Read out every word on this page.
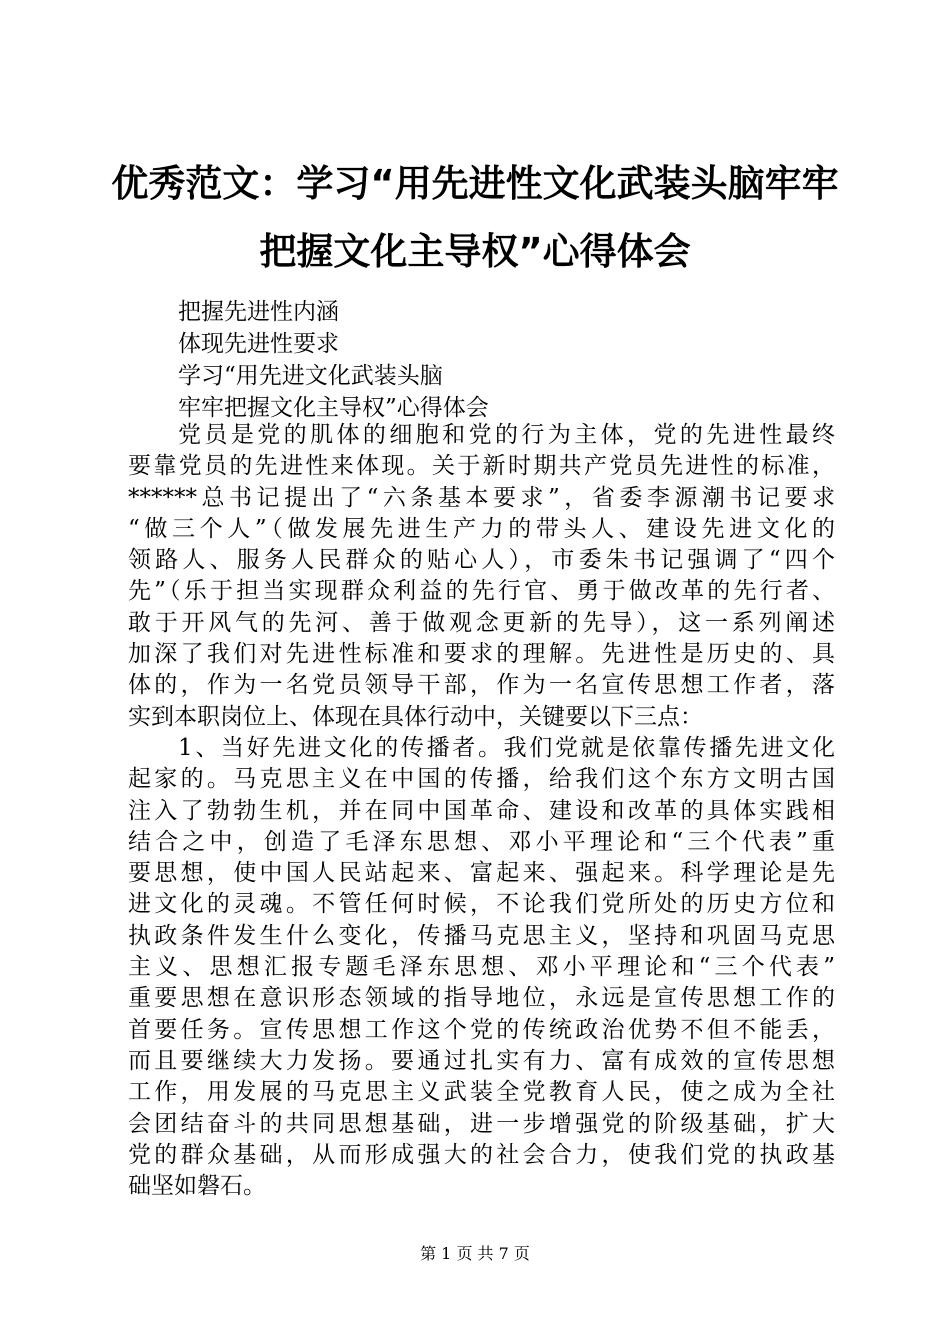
优秀范文：学习“用先进性文化武装头脑牢牢
把握文化主导权”心得体会
把握先进性内涵
体现先进性要求
学习“用先进文化武装头脑
牢牢把握文化主导权”心得体会
党员是党的肌体的细胞和党的行为主体，党的先进性最终
要靠党员的先进性来体现。关于新时期共产党员先进性的标准，
******总书记提出了“六条基本要求”，省委李源潮书记要求
“做三个人”（做发展先进生产力的带头人、建设先进文化的
领路人、服务人民群众的贴心人），市委朱书记强调了“四个
先”（乐于担当实现群众利益的先行官、勇于做改革的先行者、
敢于开风气的先河、善于做观念更新的先导），这一系列阐述
加深了我们对先进性标准和要求的理解。先进性是历史的、具
体的，作为一名党员领导干部，作为一名宣传思想工作者，落
实到本职岗位上、体现在具体行动中，关键要以下三点：
1、当好先进文化的传播者。我们党就是依靠传播先进文化
起家的。马克思主义在中国的传播，给我们这个东方文明古国
注入了勃勃生机，并在同中国革命、建设和改革的具体实践相
结合之中，创造了毛泽东思想、邓小平理论和“三个代表”重
要思想，使中国人民站起来、富起来、强起来。科学理论是先
进文化的灵魂。不管任何时候，不论我们党所处的历史方位和
执政条件发生什么变化，传播马克思主义，坚持和巩固马克思
主义、思想汇报专题毛泽东思想、邓小平理论和“三个代表”
重要思想在意识形态领域的指导地位，永远是宣传思想工作的
首要任务。宣传思想工作这个党的传统政治优势不但不能丢，
而且要继续大力发扬。要通过扎实有力、富有成效的宣传思想
工作，用发展的马克思主义武装全党教育人民，使之成为全社
会团结奋斗的共同思想基础，进一步增强党的阶级基础，扩大
党的群众基础，从而形成强大的社会合力，使我们党的执政基
础坚如磐石。
第 1 页 共 7 页
